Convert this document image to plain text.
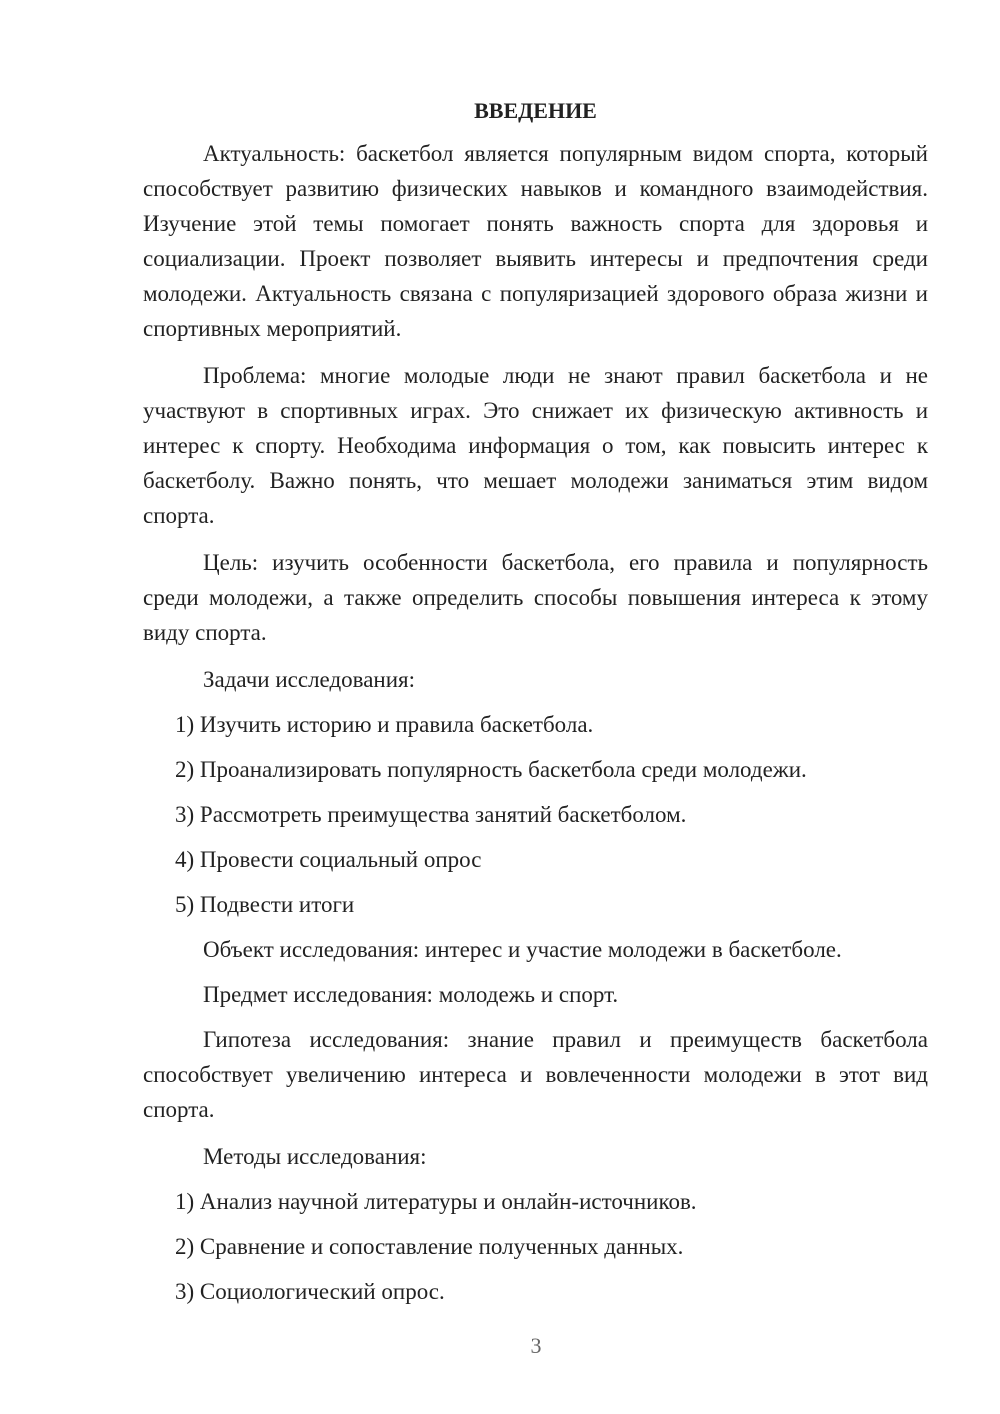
ВВЕДЕНИЕ

Актуальность: баскетбол является популярным видом спорта, который способствует развитию физических навыков и командного взаимодействия. Изучение этой темы помогает понять важность спорта для здоровья и социализации. Проект позволяет выявить интересы и предпочтения среди молодежи. Актуальность связана с популяризацией здорового образа жизни и спортивных мероприятий.

Проблема: многие молодые люди не знают правил баскетбола и не участвуют в спортивных играх. Это снижает их физическую активность и интерес к спорту. Необходима информация о том, как повысить интерес к баскетболу. Важно понять, что мешает молодежи заниматься этим видом спорта.

Цель: изучить особенности баскетбола, его правила и популярность среди молодежи, а также определить способы повышения интереса к этому виду спорта.

Задачи исследования:
1) Изучить историю и правила баскетбола.
2) Проанализировать популярность баскетбола среди молодежи.
3) Рассмотреть преимущества занятий баскетболом.
4) Провести социальный опрос
5) Подвести итоги
Объект исследования: интерес и участие молодежи в баскетболе.
Предмет исследования: молодежь и спорт.

Гипотеза исследования: знание правил и преимуществ баскетбола способствует увеличению интереса и вовлеченности молодежи в этот вид спорта.

Методы исследования:
1) Анализ научной литературы и онлайн-источников.
2) Сравнение и сопоставление полученных данных.
3) Социологический опрос.
3
